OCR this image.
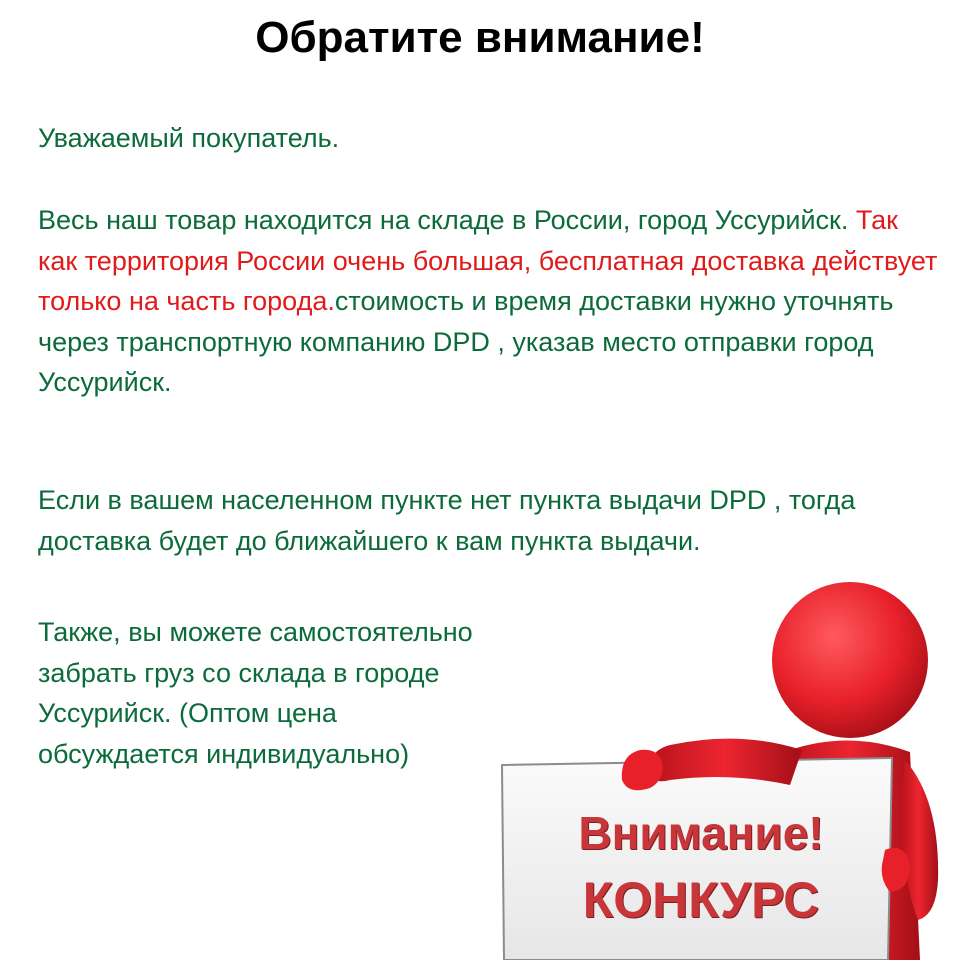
Обратите внимание!
Уважаемый покупатель.
Весь наш товар находится на складе в России, город Уссурийск. Так как территория России очень большая, бесплатная доставка действует только на часть города.стоимость и время доставки нужно уточнять через транспортную компанию DPD , указав место отправки город Уссурийск.
Если в вашем населенном пункте нет пункта выдачи DPD , тогда доставка будет до ближайшего к вам пункта выдачи.
Также, вы можете самостоятельно забрать груз со склада в городе Уссурийск. (Оптом цена обсуждается индивидуально)
Внимание!
КОНКУРС
